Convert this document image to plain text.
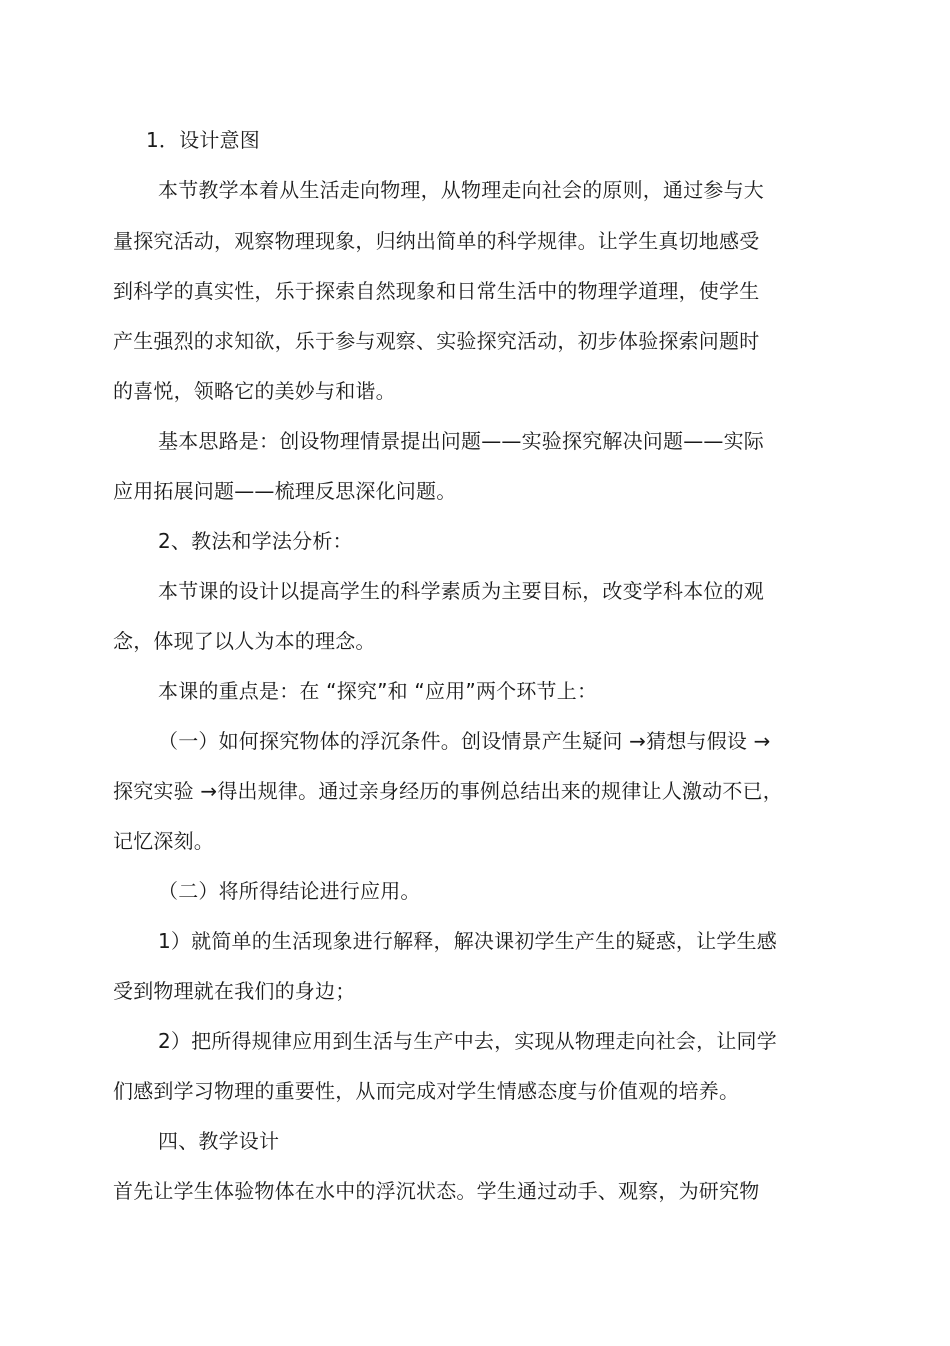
1．设计意图
本节教学本着从生活走向物理，从物理走向社会的原则，通过参与大
量探究活动，观察物理现象，归纳出简单的科学规律。让学生真切地感受
到科学的真实性，乐于探索自然现象和日常生活中的物理学道理，使学生
产生强烈的求知欲，乐于参与观察、实验探究活动，初步体验探索问题时
的喜悦，领略它的美妙与和谐。
基本思路是：创设物理情景提出问题——实验探究解决问题——实际
应用拓展问题——梳理反思深化问题。
2、教法和学法分析：
本节课的设计以提高学生的科学素质为主要目标，改变学科本位的观
念，体现了以人为本的理念。
本课的重点是：在 “探究”和 “应用”两个环节上：
（一）如何探究物体的浮沉条件。创设情景产生疑问 →猜想与假设 →
探究实验 →得出规律。通过亲身经历的事例总结出来的规律让人激动不已，
记忆深刻。
（二）将所得结论进行应用。
1）就简单的生活现象进行解释，解决课初学生产生的疑惑，让学生感
受到物理就在我们的身边；
2）把所得规律应用到生活与生产中去，实现从物理走向社会，让同学
们感到学习物理的重要性，从而完成对学生情感态度与价值观的培养。
四、教学设计
首先让学生体验物体在水中的浮沉状态。学生通过动手、观察，为研究物
